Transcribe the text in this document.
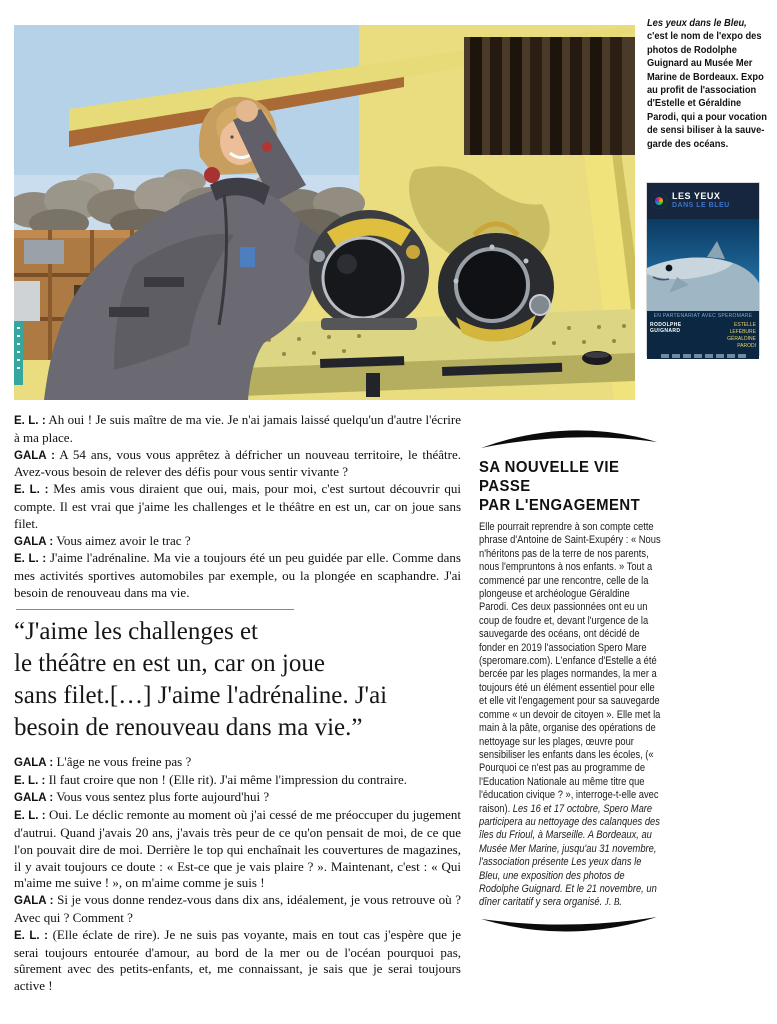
Les yeux dans le Bleu, c'est le nom de l'expo des photos de Rodolphe Guignard au Musée Mer Marine de Bordeaux. Expo au profit de l'association d'Estelle et Géraldine Parodi, qui a pour vocation de sensi biliser à la sauve-garde des océans.
LES YEUX
DANS LE BLEU
EN PARTENARIAT AVEC SPEROMARE
RODOLPHE GUIGNARD
ESTELLE LEFÉBURE
GÉRALDINE PARODI

E. L. : Ah oui ! Je suis maître de ma vie. Je n'ai jamais laissé quelqu'un d'autre l'écrire à ma place.

GALA : A 54 ans, vous vous apprêtez à défricher un nouveau territoire, le théâtre. Avez-vous besoin de relever des défis pour vous sentir vivante ?

E. L. : Mes amis vous diraient que oui, mais, pour moi, c'est surtout découvrir qui compte. Il est vrai que j'aime les challenges et le théâtre en est un, car on joue sans filet.

GALA : Vous aimez avoir le trac ?

E. L. : J'aime l'adrénaline. Ma vie a toujours été un peu guidée par elle. Comme dans mes activités sportives automobiles par exemple, ou la plongée en scaphandre. J'ai besoin de renouveau dans ma vie.

“J'aime les challenges et
le théâtre en est un, car on joue
sans filet.[…] J'aime l'adrénaline. J'ai
besoin de renouveau dans ma vie.”

GALA : L'âge ne vous freine pas ?

E. L. : Il faut croire que non ! (Elle rit). J'ai même l'impression du contraire.

GALA : Vous vous sentez plus forte aujourd'hui ?

E. L. : Oui. Le déclic remonte au moment où j'ai cessé de me préoccuper du jugement d'autrui. Quand j'avais 20 ans, j'avais très peur de ce qu'on pensait de moi, de ce que l'on pouvait dire de moi. Derrière le top qui enchaînait les couvertures de magazines, il y avait toujours ce doute : « Est-ce que je vais plaire ? ». Maintenant, c'est : « Qui m'aime me suive ! », on m'aime comme je suis !

GALA : Si je vous donne rendez-vous dans dix ans, idéalement, je vous retrouve où ? Avec qui ? Comment ?

E. L. : (Elle éclate de rire). Je ne suis pas voyante, mais en tout cas j'espère que je serai toujours entourée d'amour, au bord de la mer ou de l'océan pourquoi pas, sûrement avec des petits-enfants, et, me connaissant, je sais que je serai toujours active !

SA NOUVELLE VIE PASSE
PAR L'ENGAGEMENT
Elle pourrait reprendre à son compte cette phrase d'Antoine de Saint-Exupéry : « Nous n'héritons pas de la terre de nos parents, nous l'empruntons à nos enfants. » Tout a commencé par une rencontre, celle de la plongeuse et archéologue Géraldine Parodi. Ces deux passionnées ont eu un coup de foudre et, devant l'urgence de la sauvegarde des océans, ont décidé de fonder en 2019 l'association Spero Mare (speromare.com). L'enfance d'Estelle a été bercée par les plages normandes, la mer a toujours été un élément essentiel pour elle et elle vit l'engagement pour sa sauvegarde comme « un devoir de citoyen ». Elle met la main à la pâte, organise des opérations de nettoyage sur les plages, œuvre pour sensibiliser les enfants dans les écoles, (« Pourquoi ce n'est pas au programme de l'Education Nationale au même titre que l'éducation civique ? », interroge-t-elle avec raison). Les 16 et 17 octobre, Spero Mare participera au nettoyage des calanques des îles du Frioul, à Marseille. A Bordeaux, au Musée Mer Marine, jusqu'au 31 novembre, l'association présente Les yeux dans le Bleu, une exposition des photos de Rodolphe Guignard. Et le 21 novembre, un dîner caritatif y sera organisé. J. B.
